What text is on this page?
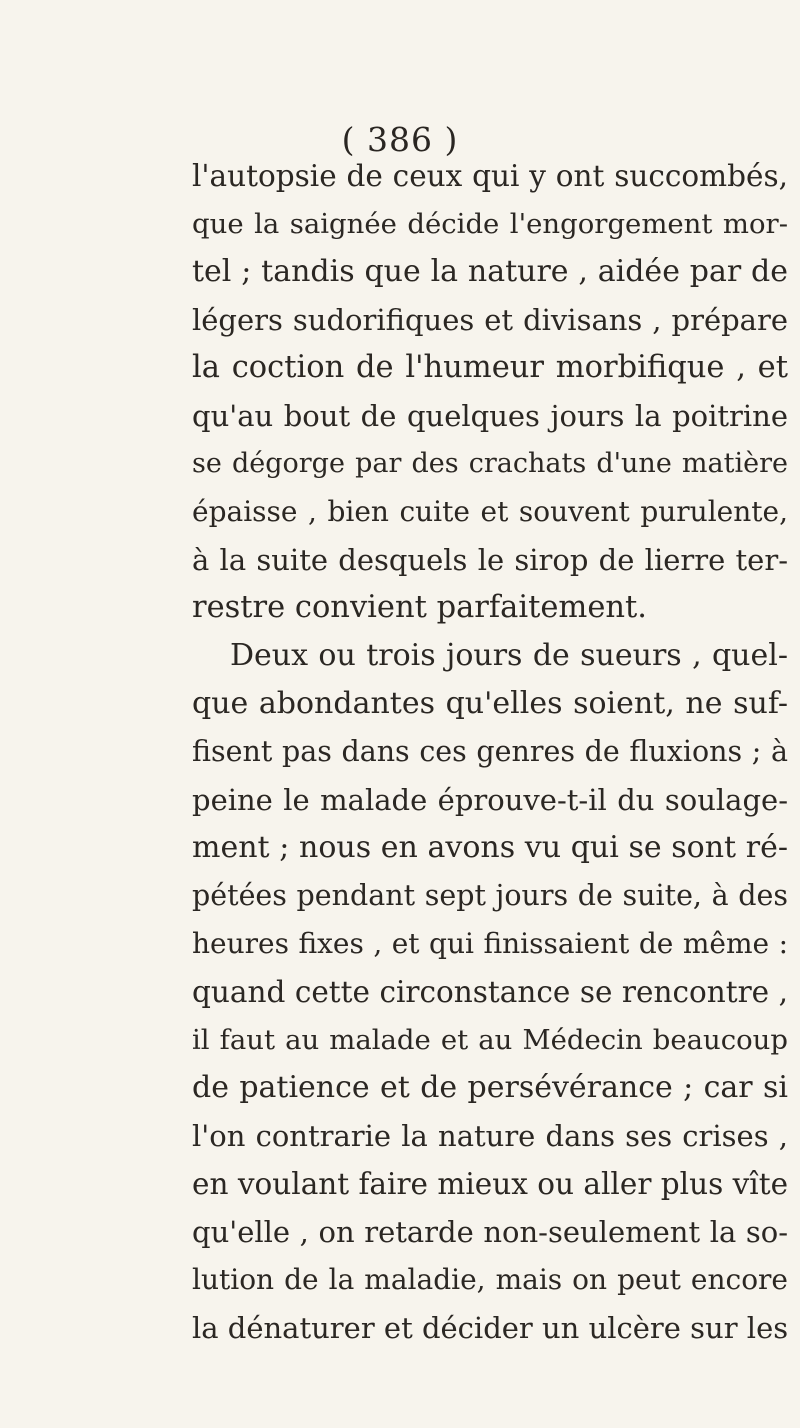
( 386 )

l'autopsie de ceux qui y ont succombés,

que la saignée décide l'engorgement mor-

tel ; tandis que la nature , aidée par de

légers sudorifiques et divisans , prépare

la coction de l'humeur morbifique , et

qu'au bout de quelques jours la poitrine

se dégorge par des crachats d'une matière

épaisse , bien cuite et souvent purulente,

à la suite desquels le sirop de lierre ter-

restre convient parfaitement.

Deux ou trois jours de sueurs , quel-

que abondantes qu'elles soient, ne suf-

fisent pas dans ces genres de fluxions ; à

peine le malade éprouve-t-il du soulage-

ment ; nous en avons vu qui se sont ré-

pétées pendant sept jours de suite, à des

heures fixes , et qui finissaient de même :

quand cette circonstance se rencontre ,

il faut au malade et au Médecin beaucoup

de patience et de persévérance ; car si

l'on contrarie la nature dans ses crises ,

en voulant faire mieux ou aller plus vîte

qu'elle , on retarde non-seulement la so-

lution de la maladie, mais on peut encore

la dénaturer et décider un ulcère sur les
